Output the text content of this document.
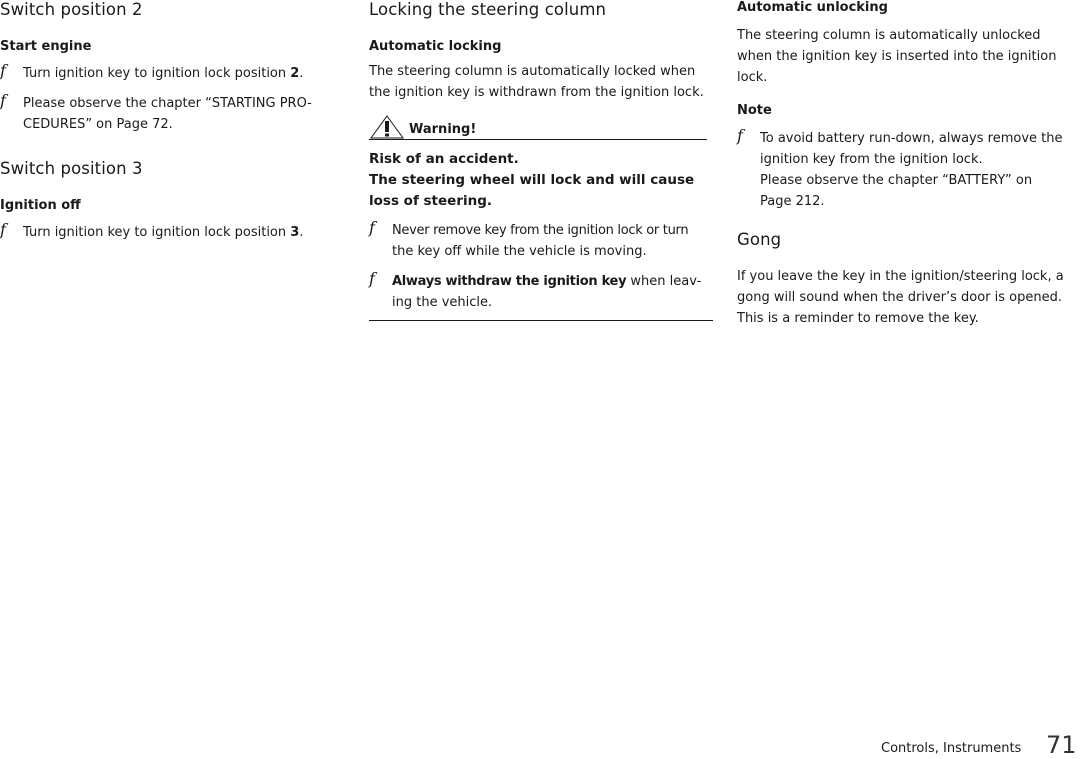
Switch position 2
Start engine
f Turn ignition key to ignition lock position 2.
f Please observe the chapter “STARTING PRO-
CEDURES” on Page 72.
Switch position 3
Ignition off
f Turn ignition key to ignition lock position 3.
Locking the steering column
Automatic locking
The steering column is automatically locked when
the ignition key is withdrawn from the ignition lock.
Warning!
Risk of an accident.
The steering wheel will lock and will cause
loss of steering.
f Never remove key from the ignition lock or turn
the key off while the vehicle is moving.
f Always withdraw the ignition key when leav-
ing the vehicle.
Automatic unlocking
The steering column is automatically unlocked
when the ignition key is inserted into the ignition
lock.
Note
f To avoid battery run-down, always remove the
ignition key from the ignition lock.
Please observe the chapter “BATTERY” on
Page 212.
Gong
If you leave the key in the ignition/steering lock, a
gong will sound when the driver’s door is opened.
This is a reminder to remove the key.
Controls, Instruments 71
